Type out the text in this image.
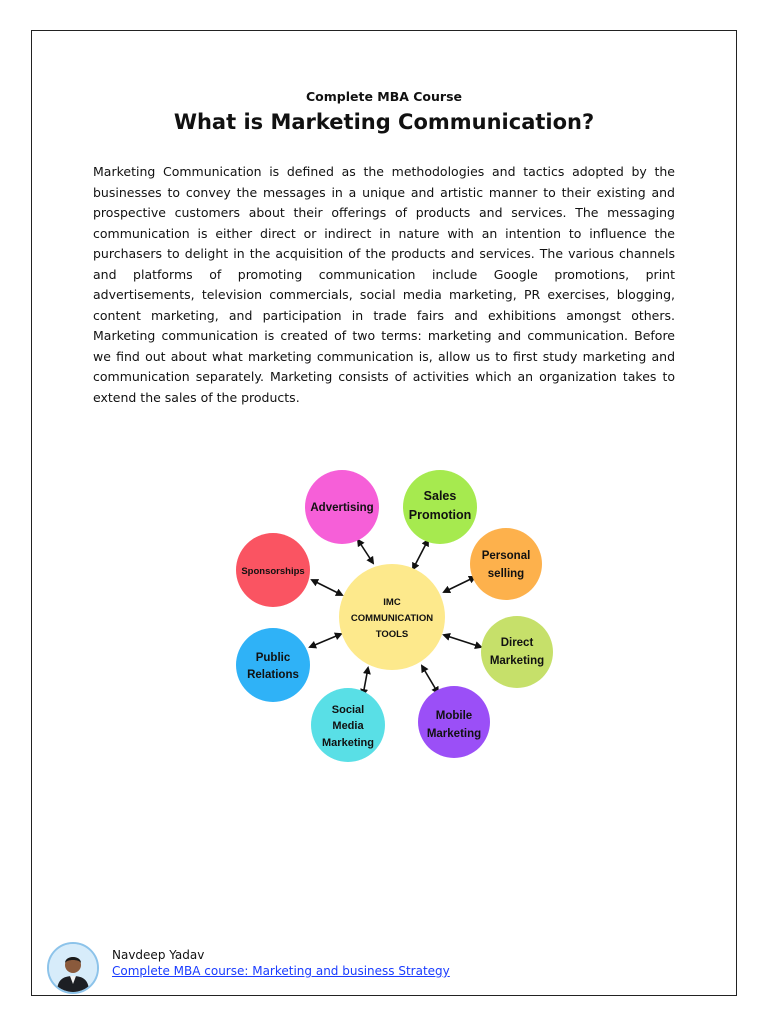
Complete MBA Course
What is Marketing Communication?
Marketing Communication is defined as the methodologies and tactics adopted by the businesses to convey the messages in a unique and artistic manner to their existing and prospective customers about their offerings of products and services. The messaging communication is either direct or indirect in nature with an intention to influence the purchasers to delight in the acquisition of the products and services. The various channels and platforms of promoting communication include Google promotions, print advertisements, television commercials, social media marketing, PR exercises, blogging, content marketing, and participation in trade fairs and exhibitions amongst others. Marketing communication is created of two terms: marketing and communication. Before we find out about what marketing communication is, allow us to first study marketing and communication separately. Marketing consists of activities which an organization takes to extend the sales of the products.
IMC
COMMUNICATION
TOOLS
Advertising
Sales
Promotion
Personal
selling
Direct
Marketing
Mobile
Marketing
Social
Media
Marketing
Public
Relations
Sponsorships
Navdeep Yadav
Complete MBA course: Marketing and business Strategy
